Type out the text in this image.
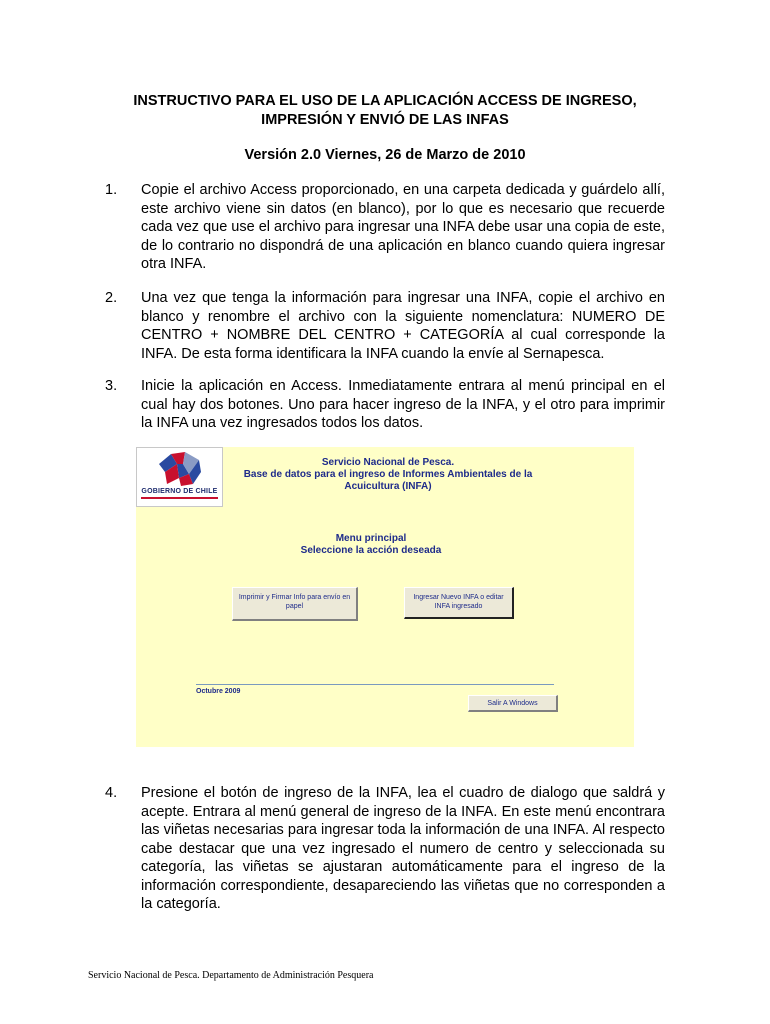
INSTRUCTIVO PARA EL USO DE LA APLICACIÓN ACCESS DE INGRESO,
IMPRESIÓN Y ENVIÓ DE LAS INFAS
Versión 2.0 Viernes, 26 de Marzo de 2010
1. Copie el archivo Access proporcionado, en una carpeta dedicada y guárdelo allí, este archivo viene sin datos (en blanco), por lo que es necesario que recuerde cada vez que use el archivo para ingresar una INFA debe usar una copia de este, de lo contrario no dispondrá de una aplicación en blanco cuando quiera ingresar otra INFA.
2. Una vez que tenga la información para ingresar una INFA, copie el archivo en blanco y renombre el archivo con la siguiente nomenclatura: NUMERO DE CENTRO + NOMBRE DEL CENTRO + CATEGORÍA al cual corresponde la INFA. De esta forma identificara la INFA cuando la envíe al Sernapesca.
3. Inicie la aplicación en Access. Inmediatamente entrara al menú principal en el cual hay dos botones. Uno para hacer ingreso de la INFA, y el otro para imprimir la INFA una vez ingresados todos los datos.
GOBIERNO DE CHILE
Servicio Nacional de Pesca.
Base de datos para el ingreso de Informes Ambientales de la
Acuicultura (INFA)
Menu principal
Seleccione la acción deseada
Imprimir y Firmar Info para envío en papel
Ingresar Nuevo INFA o editar INFA ingresado
Octubre 2009
Salir A Windows
4. Presione el botón de ingreso de la INFA, lea el cuadro de dialogo que saldrá y acepte. Entrara al menú general de ingreso de la INFA. En este menú encontrara las viñetas necesarias para ingresar toda la información de una INFA. Al respecto cabe destacar que una vez ingresado el numero de centro y seleccionada su categoría, las viñetas se ajustaran automáticamente para el ingreso de la información correspondiente, desapareciendo las viñetas que no corresponden a la categoría.
Servicio Nacional de Pesca. Departamento de Administración Pesquera
